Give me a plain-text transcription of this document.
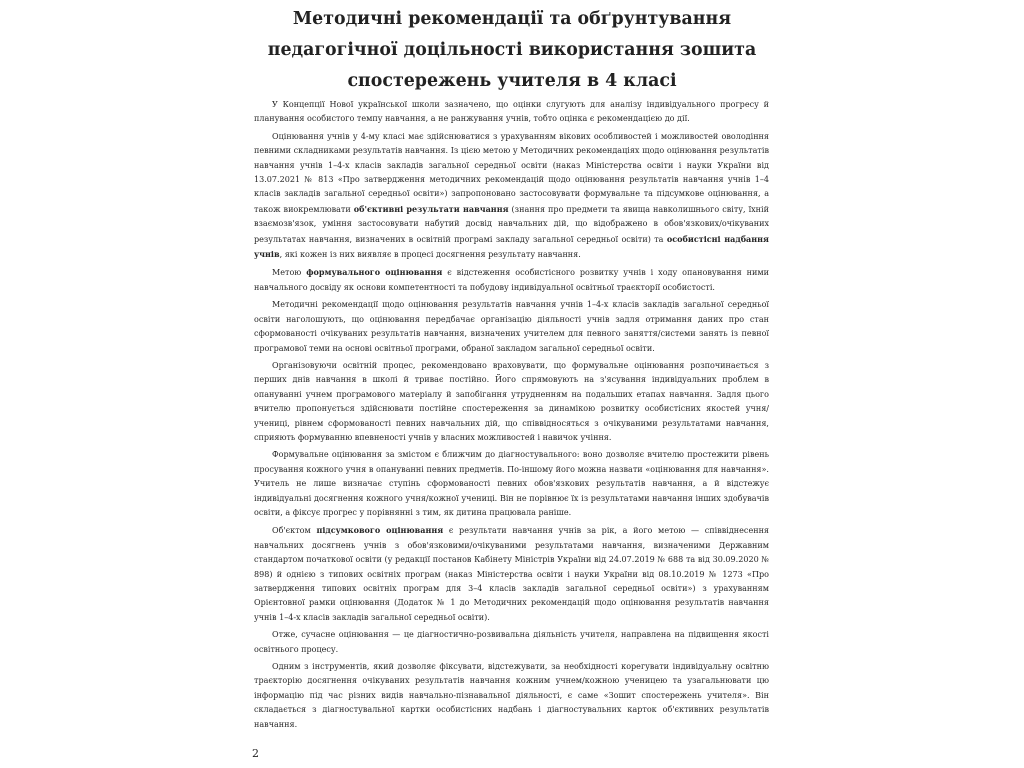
Методичні рекомендації та обґрунтування
педагогічної доцільності використання зошита
спостережень учителя в 4 класі

У Концепції Нової української школи зазначено, що оцінки слугують для аналізу індивідуального прогресу й планування особистого темпу навчання, а не ранжування учнів, тобто оцінка є рекомендацією до дії.

Оцінювання учнів у 4-му класі має здійснюватися з урахуванням вікових особливостей і можливостей оволодіння певними складниками результатів навчання. Із цією метою у Методичних рекомендаціях щодо оцінювання результатів навчання учнів 1–4-х класів закладів загальної середньої освіти (наказ Міністерства освіти і науки України від 13.07.2021 № 813 «Про затвердження методичних рекомендацій щодо оцінювання результатів навчання учнів 1–4 класів закладів загальної середньої освіти») запропоновано застосовувати формувальне та підсумкове оцінювання, а також виокремлювати об'єктивні результати навчання (знання про предмети та явища навколишнього світу, їхній взаємозв'язок, уміння застосовувати набутий досвід навчальних дій, що відображено в обов'язкових/очікуваних результатах навчання, визначених в освітній програмі закладу загальної середньої освіти) та особистісні надбання учнів, які кожен із них виявляє в процесі досягнення результату навчання.

Метою формувального оцінювання є відстеження особистісного розвитку учнів і ходу опановування ними навчального досвіду як основи компетентності та побудову індивідуальної освітньої траєкторії особистості.

Методичні рекомендації щодо оцінювання результатів навчання учнів 1–4-х класів закладів загальної середньої освіти наголошують, що оцінювання передбачає організацію діяльності учнів задля отримання даних про стан сформованості очікуваних результатів навчання, визначених учителем для певного заняття/системи занять із певної програмової теми на основі освітньої програми, обраної закладом загальної середньої освіти.

Організовуючи освітній процес, рекомендовано враховувати, що формувальне оцінювання розпочинається з перших днів навчання в школі й триває постійно. Його спрямовують на з'ясування індивідуальних проблем в опануванні учнем програмового матеріалу й запобігання утрудненням на подальших етапах навчання. Задля цього вчителю пропонується здійснювати постійне спостереження за динамікою розвитку особистісних якостей учня/учениці, рівнем сформованості певних навчальних дій, що співвідносяться з очікуваними результатами навчання, сприяють формуванню впевненості учнів у власних можливостей і навичок учіння.

Формувальне оцінювання за змістом є ближчим до діагностувального: воно дозволяє вчителю простежити рівень просування кожного учня в опануванні певних предметів. По-іншому його можна назвати «оцінювання для навчання». Учитель не лише визначає ступінь сформованості певних обов'язкових результатів навчання, а й відстежує індивідуальні досягнення кожного учня/кожної учениці. Він не порівнює їх із результатами навчання інших здобувачів освіти, а фіксує прогрес у порівнянні з тим, як дитина працювала раніше.

Об'єктом підсумкового оцінювання є результати навчання учнів за рік, а його метою — співвіднесення навчальних досягнень учнів з обов'язковими/очікуваними результатами навчання, визначеними Державним стандартом початкової освіти (у редакції постанов Кабінету Міністрів України від 24.07.2019 № 688 та від 30.09.2020 № 898) й однією з типових освітніх програм (наказ Міністерства освіти і науки України від 08.10.2019 № 1273 «Про затвердження типових освітніх програм для 3–4 класів закладів загальної середньої освіти») з урахуванням Орієнтовної рамки оцінювання (Додаток № 1 до Методичних рекомендацій щодо оцінювання результатів навчання учнів 1–4-х класів закладів загальної середньої освіти).

Отже, сучасне оцінювання — це діагностично-розвивальна діяльність учителя, направлена на підвищення якості освітнього процесу.

Одним з інструментів, який дозволяє фіксувати, відстежувати, за необхідності корегувати індивідуальну освітню траєкторію досягнення очікуваних результатів навчання кожним учнем/кожною ученицею та узагальнювати цю інформацію під час різних видів навчально-пізнавальної діяльності, є саме «Зошит спостережень учителя». Він складається з діагностувальної картки особистісних надбань і діагностувальних карток об'єктивних результатів навчання.

2
